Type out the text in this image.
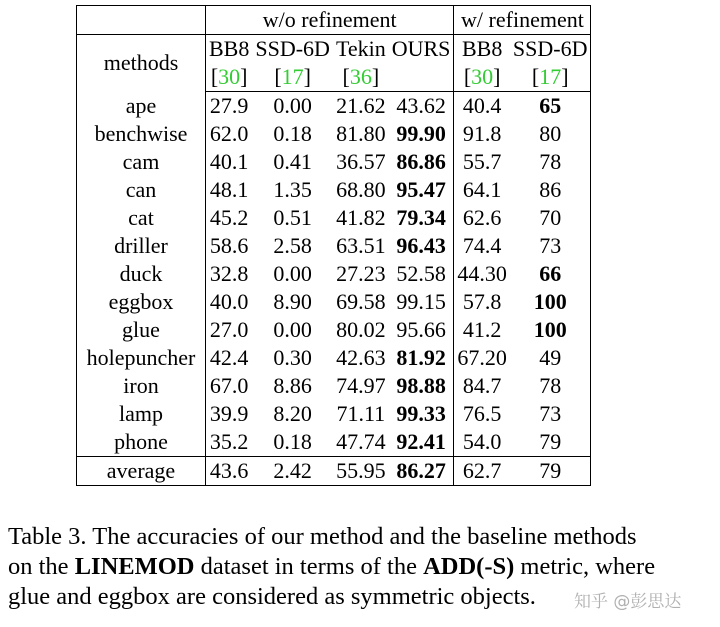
	w/o refinement				w/ refinement	
methods	BB8	SSD-6D	Tekin	OURS	BB8	SSD-6D
	[30]	[17]	[36]		[30]	[17]
ape	27.9	0.00	21.62	43.62	40.4	65
benchwise	62.0	0.18	81.80	99.90	91.8	80
cam	40.1	0.41	36.57	86.86	55.7	78
can	48.1	1.35	68.80	95.47	64.1	86
cat	45.2	0.51	41.82	79.34	62.6	70
driller	58.6	2.58	63.51	96.43	74.4	73
duck	32.8	0.00	27.23	52.58	44.30	66
eggbox	40.0	8.90	69.58	99.15	57.8	100
glue	27.0	0.00	80.02	95.66	41.2	100
holepuncher	42.4	0.30	42.63	81.92	67.20	49
iron	67.0	8.86	74.97	98.88	84.7	78
lamp	39.9	8.20	71.11	99.33	76.5	73
phone	35.2	0.18	47.74	92.41	54.0	79
average	43.6	2.42	55.95	86.27	62.7	79
Table 3. The accuracies of our method and the baseline methods
on the LINEMOD dataset in terms of the ADD(-S) metric, where
glue and eggbox are considered as symmetric objects.	知乎 @彭思达
